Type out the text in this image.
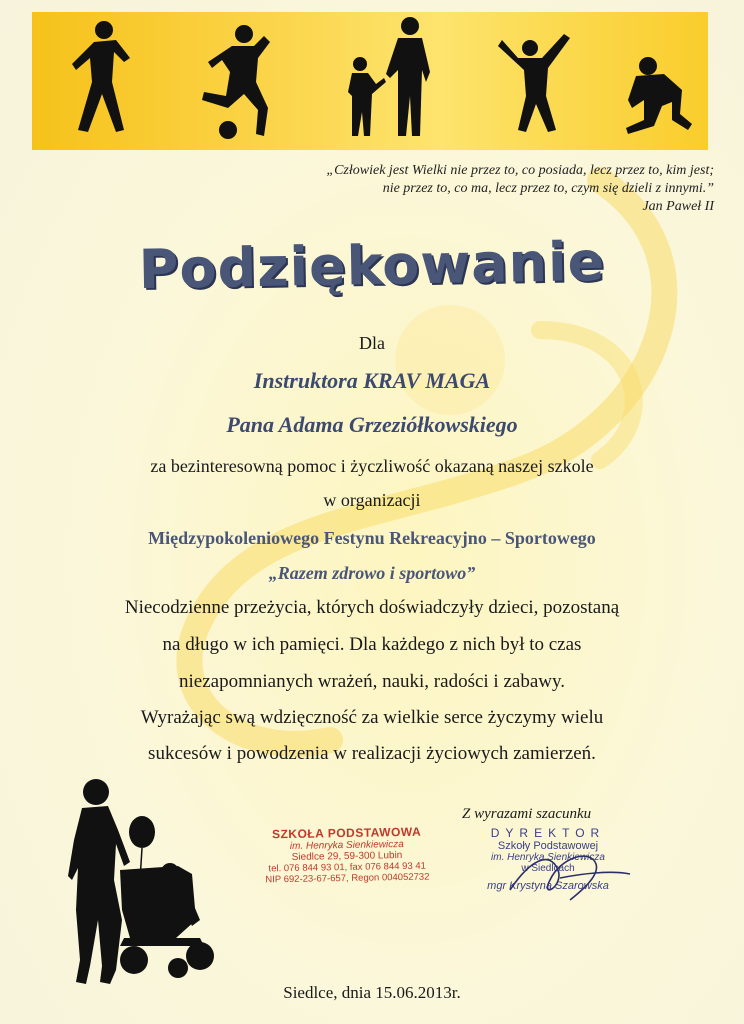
„Człowiek jest Wielki nie przez to, co posiada, lecz przez to, kim jest;
nie przez to, co ma, lecz przez to, czym się dzieli z innymi.”
Jan Paweł II
Podziękowanie
Dla
Instruktora KRAV MAGA
Pana Adama Grzeziółkowskiego
za bezinteresowną pomoc i życzliwość okazaną naszej szkole
w organizacji
Międzypokoleniowego Festynu Rekreacyjno – Sportowego
„Razem zdrowo i sportowo”
Niecodzienne przeżycia, których doświadczyły dzieci, pozostaną
na długo w ich pamięci. Dla każdego z nich był to czas
niezapomnianych wrażeń, nauki, radości i zabawy.
Wyrażając swą wdzięczność za wielkie serce życzymy wielu
sukcesów i powodzenia w realizacji życiowych zamierzeń.
SZKOŁA PODSTAWOWA
im. Henryka Sienkiewicza
Siedlce 29, 59-300 Lubin
tel. 076 844 93 01, fax 076 844 93 41
NIP 692-23-67-657, Regon 004052732
Z wyrazami szacunku
DYREKTOR
Szkoły Podstawowej
im. Henryka Sienkiewicza
w Siedlcach
mgr Krystyna Szarowska
Siedlce, dnia 15.06.2013r.
